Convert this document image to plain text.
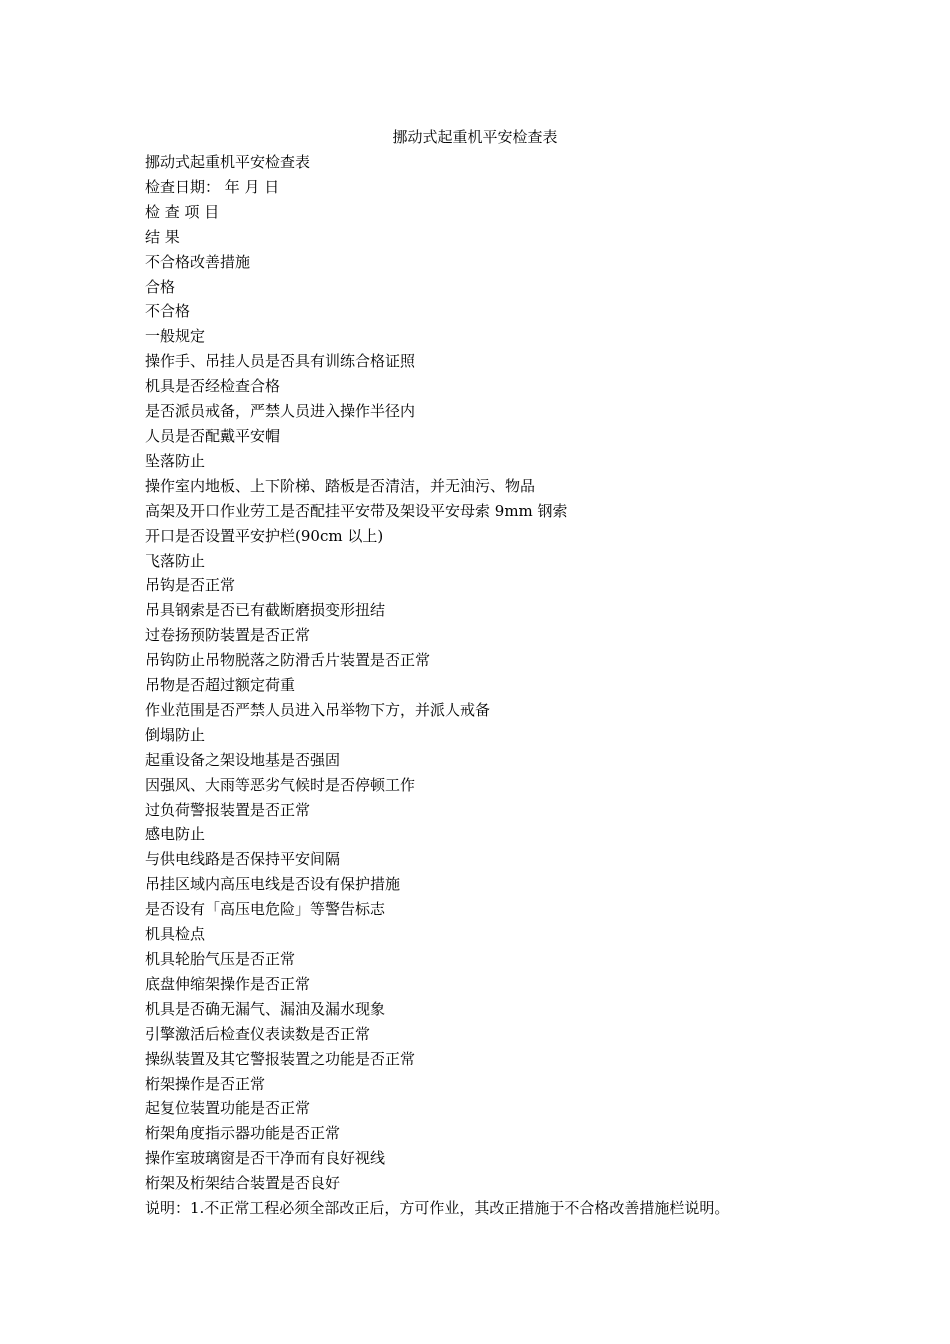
挪动式起重机平安检查表
挪动式起重机平安检查表
检查日期： 年 月 日
检 查 项 目
结 果
不合格改善措施
合格
不合格
一般规定
操作手、吊挂人员是否具有训练合格证照
机具是否经检查合格
是否派员戒备，严禁人员进入操作半径内
人员是否配戴平安帽
坠落防止
操作室内地板、上下阶梯、踏板是否清洁，并无油污、物品
高架及开口作业劳工是否配挂平安带及架设平安母索 9mm 钢索
开口是否设置平安护栏(90cm 以上)
飞落防止
吊钩是否正常
吊具钢索是否已有截断磨损变形扭结
过卷扬预防装置是否正常
吊钩防止吊物脱落之防滑舌片装置是否正常
吊物是否超过额定荷重
作业范围是否严禁人员进入吊举物下方，并派人戒备
倒塌防止
起重设备之架设地基是否强固
因强风、大雨等恶劣气候时是否停顿工作
过负荷警报装置是否正常
感电防止
与供电线路是否保持平安间隔
吊挂区域内高压电线是否设有保护措施
是否设有「高压电危险」等警告标志
机具检点
机具轮胎气压是否正常
底盘伸缩架操作是否正常
机具是否确无漏气、漏油及漏水现象
引擎激活后检查仪表读数是否正常
操纵装置及其它警报装置之功能是否正常
桁架操作是否正常
起复位装置功能是否正常
桁架角度指示器功能是否正常
操作室玻璃窗是否干净而有良好视线
桁架及桁架结合装置是否良好
说明：1.不正常工程必须全部改正后，方可作业，其改正措施于不合格改善措施栏说明。
